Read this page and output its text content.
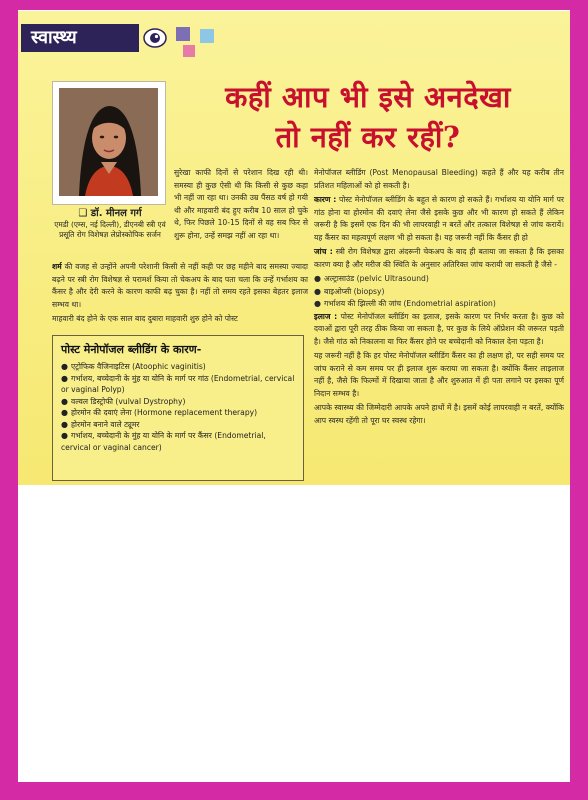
स्वास्थ्य
कहीं आप भी इसे अनदेखा
तो नहीं कर रहीं?
❑ डॉ. मीनल गर्ग
एमडी (एम्स, नई दिल्ली), डीएनबी स्त्री एवं प्रसूति रोग विशेषज्ञ लेप्रोस्कोपिक सर्जन

सुरेखा काफी दिनों से परेशान दिख रही थी। समस्या ही कुछ ऐसी थी कि किसी से कुछ कहा भी नहीं जा रहा था। उनकी उम्र पैंसठ वर्ष हो गयी थी और माहवारी बंद हुए करीब 10 साल हो चुके थे, फिर पिछले 10-15 दिनों से वह सब फिर से शुरू होना, उन्हें समझ नहीं आ रहा था।

शर्म की वजह से उन्होंने अपनी परेशानी किसी से नहीं कही पर छह महीने बाद समस्या ज्यादा बढ़ने पर स्त्री रोग विशेषज्ञ से परामर्श किया तो चेकअप के बाद पता चला कि उन्हें गर्भाशय का कैंसर है और देरी करने के कारण काफी बढ़ चुका है। नहीं तो समय रहते इसका बेहतर इलाज सम्भव था।

माहवारी बंद होने के एक साल बाद दुबारा माहवारी शुरु होने को पोस्ट

पोस्ट मेनोपॉजल ब्लीडिंग के कारण-
● एट्रोफिक वैजिनाइटिस (Atoophic vaginitis)
● गर्भाशय, बच्चेदानी के मुंह या योनि के मार्ग पर गांठ (Endometrial, cervical or vaginal Polyp)
● वल्वल डिस्ट्रोफी (vulval Dystrophy)
● होरमोन की दवाएं लेना (Hormone replacement therapy)
● होरमोन बनाने वाले ट्यूमर
● गर्भाशय, बच्चेदानी के मुंह या योनि के मार्ग पर कैंसर (Endometrial, cervical or vaginal cancer)

मेनोपॉजल ब्लीडिंग (Post Menopausal Bleeding) कहते हैं और यह करीब तीन प्रतिशत महिलाओं को हो सकती है।

कारण : पोस्ट मेनोपॉजल ब्लीडिंग के बहुत से कारण हो सकते हैं। गर्भाशय या योनि मार्ग पर गांठ होना या होरमोन की दवाएं लेना जैसे इसके कुछ और भी कारण हो सकते हैं लेकिन जरूरी है कि इसमें एक दिन की भी लापरवाही न बरतें और तत्काल विशेषज्ञ से जांच करायें। यह कैंसर का महत्वपूर्ण लक्षण भी हो सकता है। यह जरूरी नहीं कि कैंसर ही हो

जांच : स्त्री रोग विशेषज्ञ द्वारा अंदरूनी चेकअप के बाद ही बताया जा सकता है कि इसका कारण क्या है और मरीज की स्थिति के अनुसार अतिरिक्त जांच करायी जा सकती है जैसे -

● अल्ट्रासाउंड (pelvic Ultrasound)
● बाइओप्सी (biopsy)
● गर्भाशय की झिल्ली की जांच (Endometrial aspiration)

इलाज : पोस्ट मेनोपॉजल ब्लीडिंग का इलाज, इसके कारण पर निर्भर करता है। कुछ को दवाओं द्वारा पूरी तरह ठीक किया जा सकता है, पर कुछ के लिये ऑप्रेशन की जरूरत पड़ती है। जैसे गांठ को निकालना या फिर कैंसर होने पर बच्चेदानी को निकाल देना पड़ता है।

यह जरूरी नहीं है कि हर पोस्ट मेनोपॉजल ब्लीडिंग कैंसर का ही लक्षण हो, पर सही समय पर जांच कराने से कम समय पर ही इलाज शुरू कराया जा सकता है। क्योंकि कैंसर लाइलाज नहीं है, जैसे कि फिल्मों में दिखाया जाता है और शुरुआत में ही पता लगाने पर इसका पूर्ण निदान सम्भव है।

आपके स्वास्थ्य की जिम्मेदारी आपके अपने हाथों में है। इसमें कोई लापरवाही न बरतें, क्योंकि आप स्वस्थ रहेंगी तो पूरा घर स्वस्थ रहेगा।
